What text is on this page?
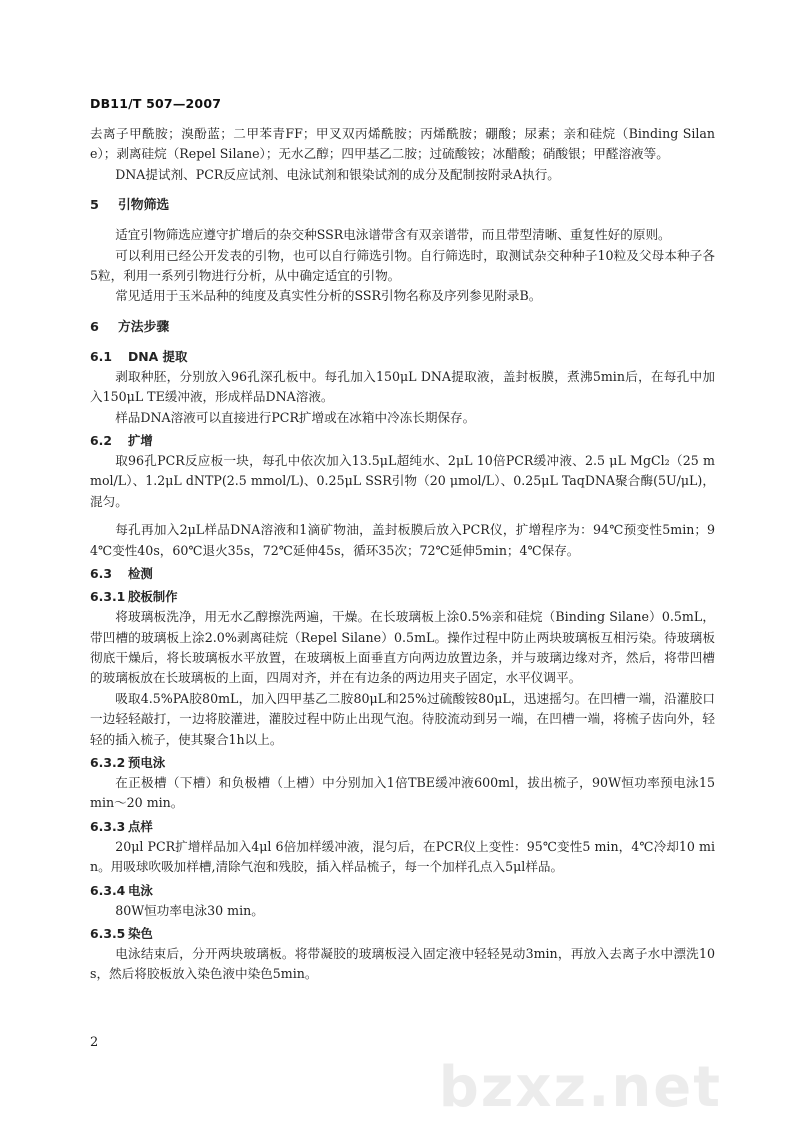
DB11/T 507—2007

去离子甲酰胺；溴酚蓝；二甲苯青FF；甲叉双丙烯酰胺；丙烯酰胺；硼酸；尿素；亲和硅烷（Binding Silane）；剥离硅烷（Repel Silane）；无水乙醇；四甲基乙二胺；过硫酸铵；冰醋酸；硝酸银；甲醛溶液等。

DNA提试剂、PCR反应试剂、电泳试剂和银染试剂的成分及配制按附录A执行。

5 引物筛选

适宜引物筛选应遵守扩增后的杂交种SSR电泳谱带含有双亲谱带，而且带型清晰、重复性好的原则。

可以利用已经公开发表的引物，也可以自行筛选引物。自行筛选时，取测试杂交种种子10粒及父母本种子各5粒，利用一系列引物进行分析，从中确定适宜的引物。

常见适用于玉米品种的纯度及真实性分析的SSR引物名称及序列参见附录B。

6 方法步骤
6.1 DNA 提取

剥取种胚，分别放入96孔深孔板中。每孔加入150μL DNA提取液，盖封板膜，煮沸5min后，在每孔中加入150μL TE缓冲液，形成样品DNA溶液。

样品DNA溶液可以直接进行PCR扩增或在冰箱中冷冻长期保存。

6.2 扩增

取96孔PCR反应板一块，每孔中依次加入13.5μL超纯水、2μL 10倍PCR缓冲液、2.5 μL MgCl₂（25 mmol/L）、1.2μL dNTP(2.5 mmol/L)、0.25μL SSR引物（20 μmol/L）、0.25μL TaqDNA聚合酶(5U/μL)，混匀。

每孔再加入2μL样品DNA溶液和1滴矿物油，盖封板膜后放入PCR仪，扩增程序为：94℃预变性5min；94℃变性40s，60℃退火35s，72℃延伸45s，循环35次；72℃延伸5min；4℃保存。

6.3 检测
6.3.1 胶板制作

将玻璃板洗净，用无水乙醇擦洗两遍，干燥。在长玻璃板上涂0.5%亲和硅烷（Binding Silane）0.5mL，带凹槽的玻璃板上涂2.0%剥离硅烷（Repel Silane）0.5mL。操作过程中防止两块玻璃板互相污染。待玻璃板彻底干燥后，将长玻璃板水平放置，在玻璃板上面垂直方向两边放置边条，并与玻璃边缘对齐，然后，将带凹槽的玻璃板放在长玻璃板的上面，四周对齐，并在有边条的两边用夹子固定，水平仪调平。

吸取4.5%PA胶80mL，加入四甲基乙二胺80μL和25%过硫酸铵80μL，迅速摇匀。在凹槽一端，沿灌胶口一边轻轻敲打，一边将胶灌进，灌胶过程中防止出现气泡。待胶流动到另一端，在凹槽一端，将梳子齿向外，轻轻的插入梳子，使其聚合1h以上。

6.3.2 预电泳

在正极槽（下槽）和负极槽（上槽）中分别加入1倍TBE缓冲液600ml，拔出梳子，90W恒功率预电泳15 min～20 min。

6.3.3 点样

20μl PCR扩增样品加入4μl 6倍加样缓冲液，混匀后，在PCR仪上变性：95℃变性5 min，4℃冷却10 min。用吸球吹吸加样槽,清除气泡和残胶，插入样品梳子，每一个加样孔点入5μl样品。

6.3.4 电泳

80W恒功率电泳30 min。

6.3.5 染色

电泳结束后，分开两块玻璃板。将带凝胶的玻璃板浸入固定液中轻轻晃动3min，再放入去离子水中漂洗10s，然后将胶板放入染色液中染色5min。

2
bzxz.net
